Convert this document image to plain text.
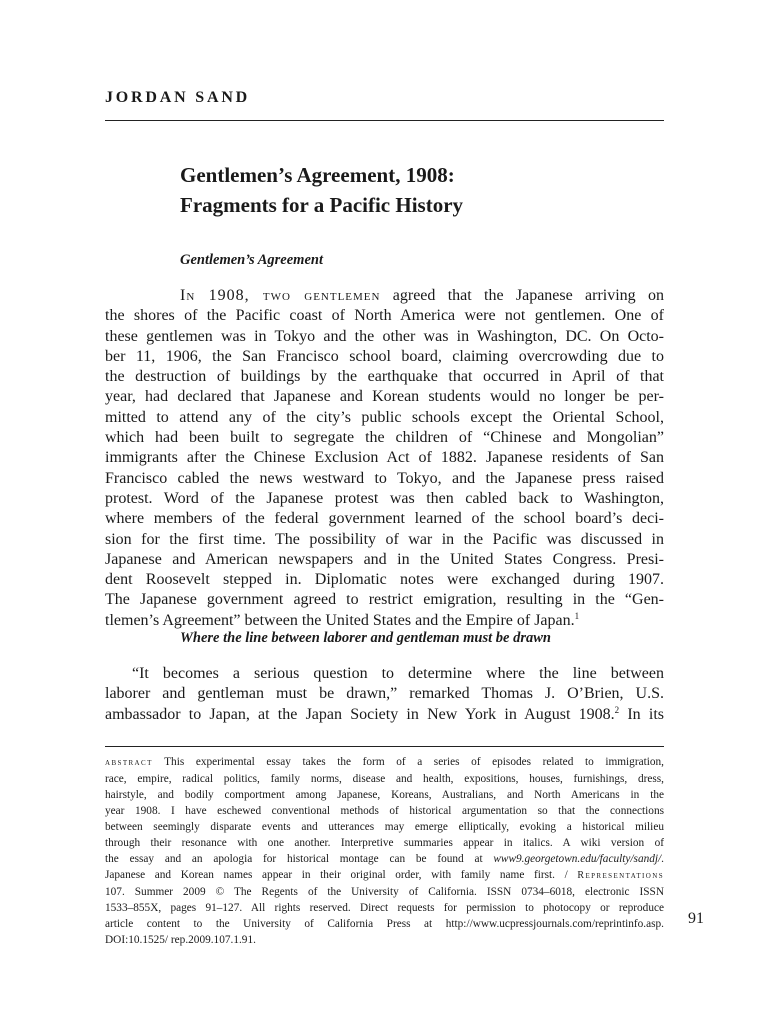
JORDAN SAND

Gentlemen’s Agreement, 1908:
Fragments for a Pacific History
Gentlemen’s Agreement

In 1908, two gentlemen agreed that the Japanese arriving on
the shores of the Pacific coast of North America were not gentlemen. One of
these gentlemen was in Tokyo and the other was in Washington, DC. On Octo-
ber 11, 1906, the San Francisco school board, claiming overcrowding due to
the destruction of buildings by the earthquake that occurred in April of that
year, had declared that Japanese and Korean students would no longer be per-
mitted to attend any of the city’s public schools except the Oriental School,
which had been built to segregate the children of “Chinese and Mongolian”
immigrants after the Chinese Exclusion Act of 1882. Japanese residents of San
Francisco cabled the news westward to Tokyo, and the Japanese press raised
protest. Word of the Japanese protest was then cabled back to Washington,
where members of the federal government learned of the school board’s deci-
sion for the first time. The possibility of war in the Pacific was discussed in
Japanese and American newspapers and in the United States Congress. Presi-
dent Roosevelt stepped in. Diplomatic notes were exchanged during 1907.
The Japanese government agreed to restrict emigration, resulting in the “Gen-
tlemen’s Agreement” between the United States and the Empire of Japan.$^1$

Where the line between laborer and gentleman must be drawn

“It becomes a serious question to determine where the line between
laborer and gentleman must be drawn,” remarked Thomas J. O’Brien, U.S.
ambassador to Japan, at the Japan Society in New York in August 1908.$^2$ In its

abstract This experimental essay takes the form of a series of episodes related to immigration,
race, empire, radical politics, family norms, disease and health, expositions, houses, furnishings, dress,
hairstyle, and bodily comportment among Japanese, Koreans, Australians, and North Americans in the
year 1908. I have eschewed conventional methods of historical argumentation so that the connections
between seemingly disparate events and utterances may emerge elliptically, evoking a historical milieu
through their resonance with one another. Interpretive summaries appear in italics. A wiki version of
the essay and an apologia for historical montage can be found at www9.georgetown.edu/faculty/sandj/.
Japanese and Korean names appear in their original order, with family name first. / Representations
107. Summer 2009 © The Regents of the University of California. ISSN 0734–6018, electronic ISSN
1533–855X, pages 91–127. All rights reserved. Direct requests for permission to photocopy or reproduce
article content to the University of California Press at http://www.ucpressjournals.com/reprintinfo.asp.
DOI:10.1525/ rep.2009.107.1.91.

91
